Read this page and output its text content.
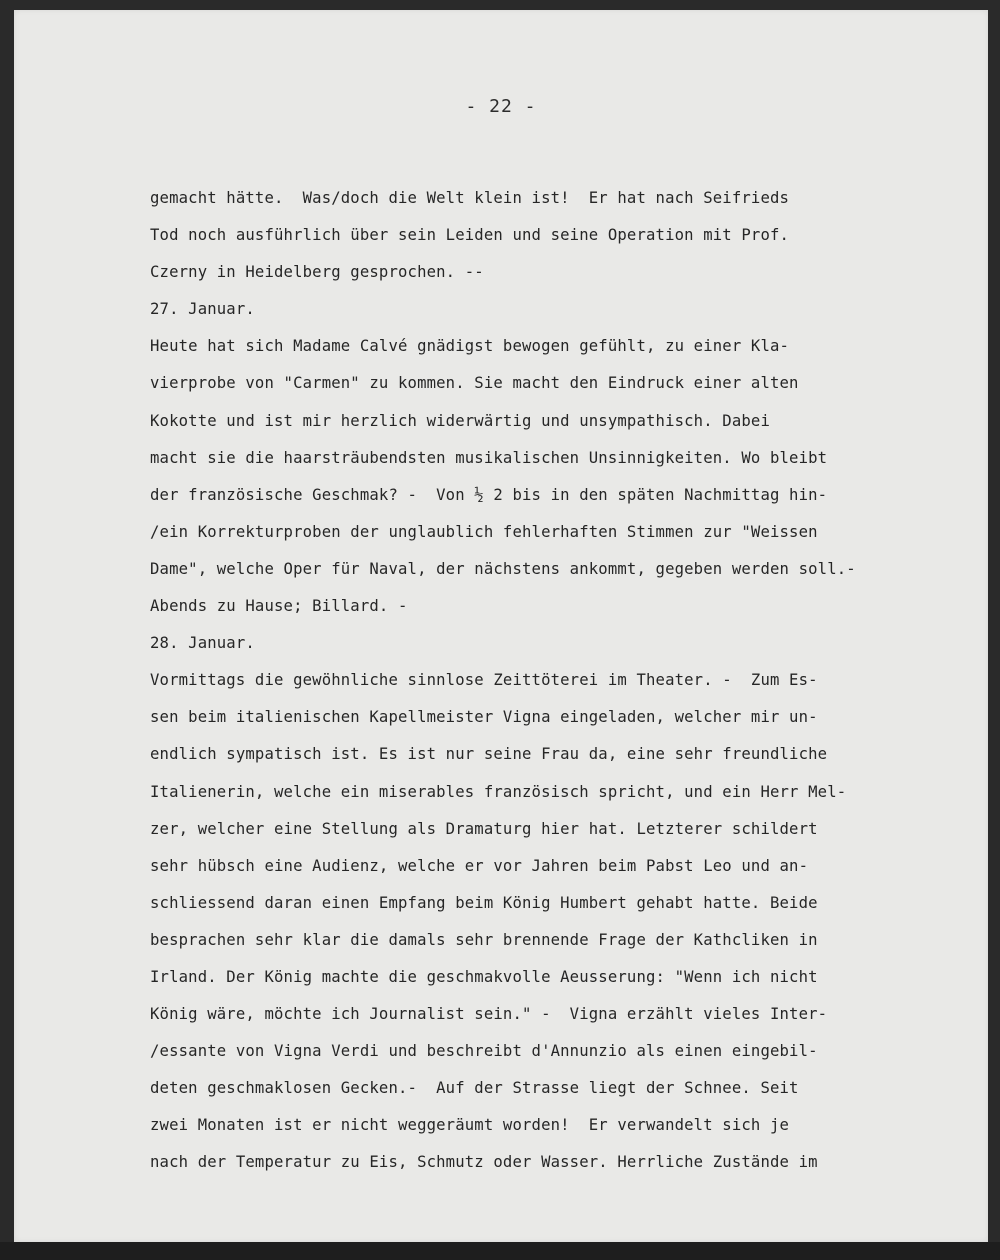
- 22 -
gemacht hätte.  Was/doch die Welt klein ist!  Er hat nach Seifrieds
Tod noch ausführlich über sein Leiden und seine Operation mit Prof.
Czerny in Heidelberg gesprochen. --
27. Januar.
Heute hat sich Madame Calvé gnädigst bewogen gefühlt, zu einer Kla-
vierprobe von "Carmen" zu kommen. Sie macht den Eindruck einer alten
Kokotte und ist mir herzlich widerwärtig und unsympathisch. Dabei
macht sie die haarsträubendsten musikalischen Unsinnigkeiten. Wo bleibt
der französische Geschmak? -  Von ½ 2 bis in den späten Nachmittag hin-
/ein Korrekturproben der unglaublich fehlerhaften Stimmen zur "Weissen
Dame", welche Oper für Naval, der nächstens ankommt, gegeben werden soll.-
Abends zu Hause; Billard. -
28. Januar.
Vormittags die gewöhnliche sinnlose Zeittöterei im Theater. -  Zum Es-
sen beim italienischen Kapellmeister Vigna eingeladen, welcher mir un-
endlich sympatisch ist. Es ist nur seine Frau da, eine sehr freundliche
Italienerin, welche ein miserables französisch spricht, und ein Herr Mel-
zer, welcher eine Stellung als Dramaturg hier hat. Letzterer schildert
sehr hübsch eine Audienz, welche er vor Jahren beim Pabst Leo und an-
schliessend daran einen Empfang beim König Humbert gehabt hatte. Beide
besprachen sehr klar die damals sehr brennende Frage der Kathcliken in
Irland. Der König machte die geschmakvolle Aeusserung: "Wenn ich nicht
König wäre, möchte ich Journalist sein." -  Vigna erzählt vieles Inter-
/essante von Vigna Verdi und beschreibt d'Annunzio als einen eingebil-
deten geschmaklosen Gecken.-  Auf der Strasse liegt der Schnee. Seit
zwei Monaten ist er nicht weggeräumt worden!  Er verwandelt sich je
nach der Temperatur zu Eis, Schmutz oder Wasser. Herrliche Zustände im
